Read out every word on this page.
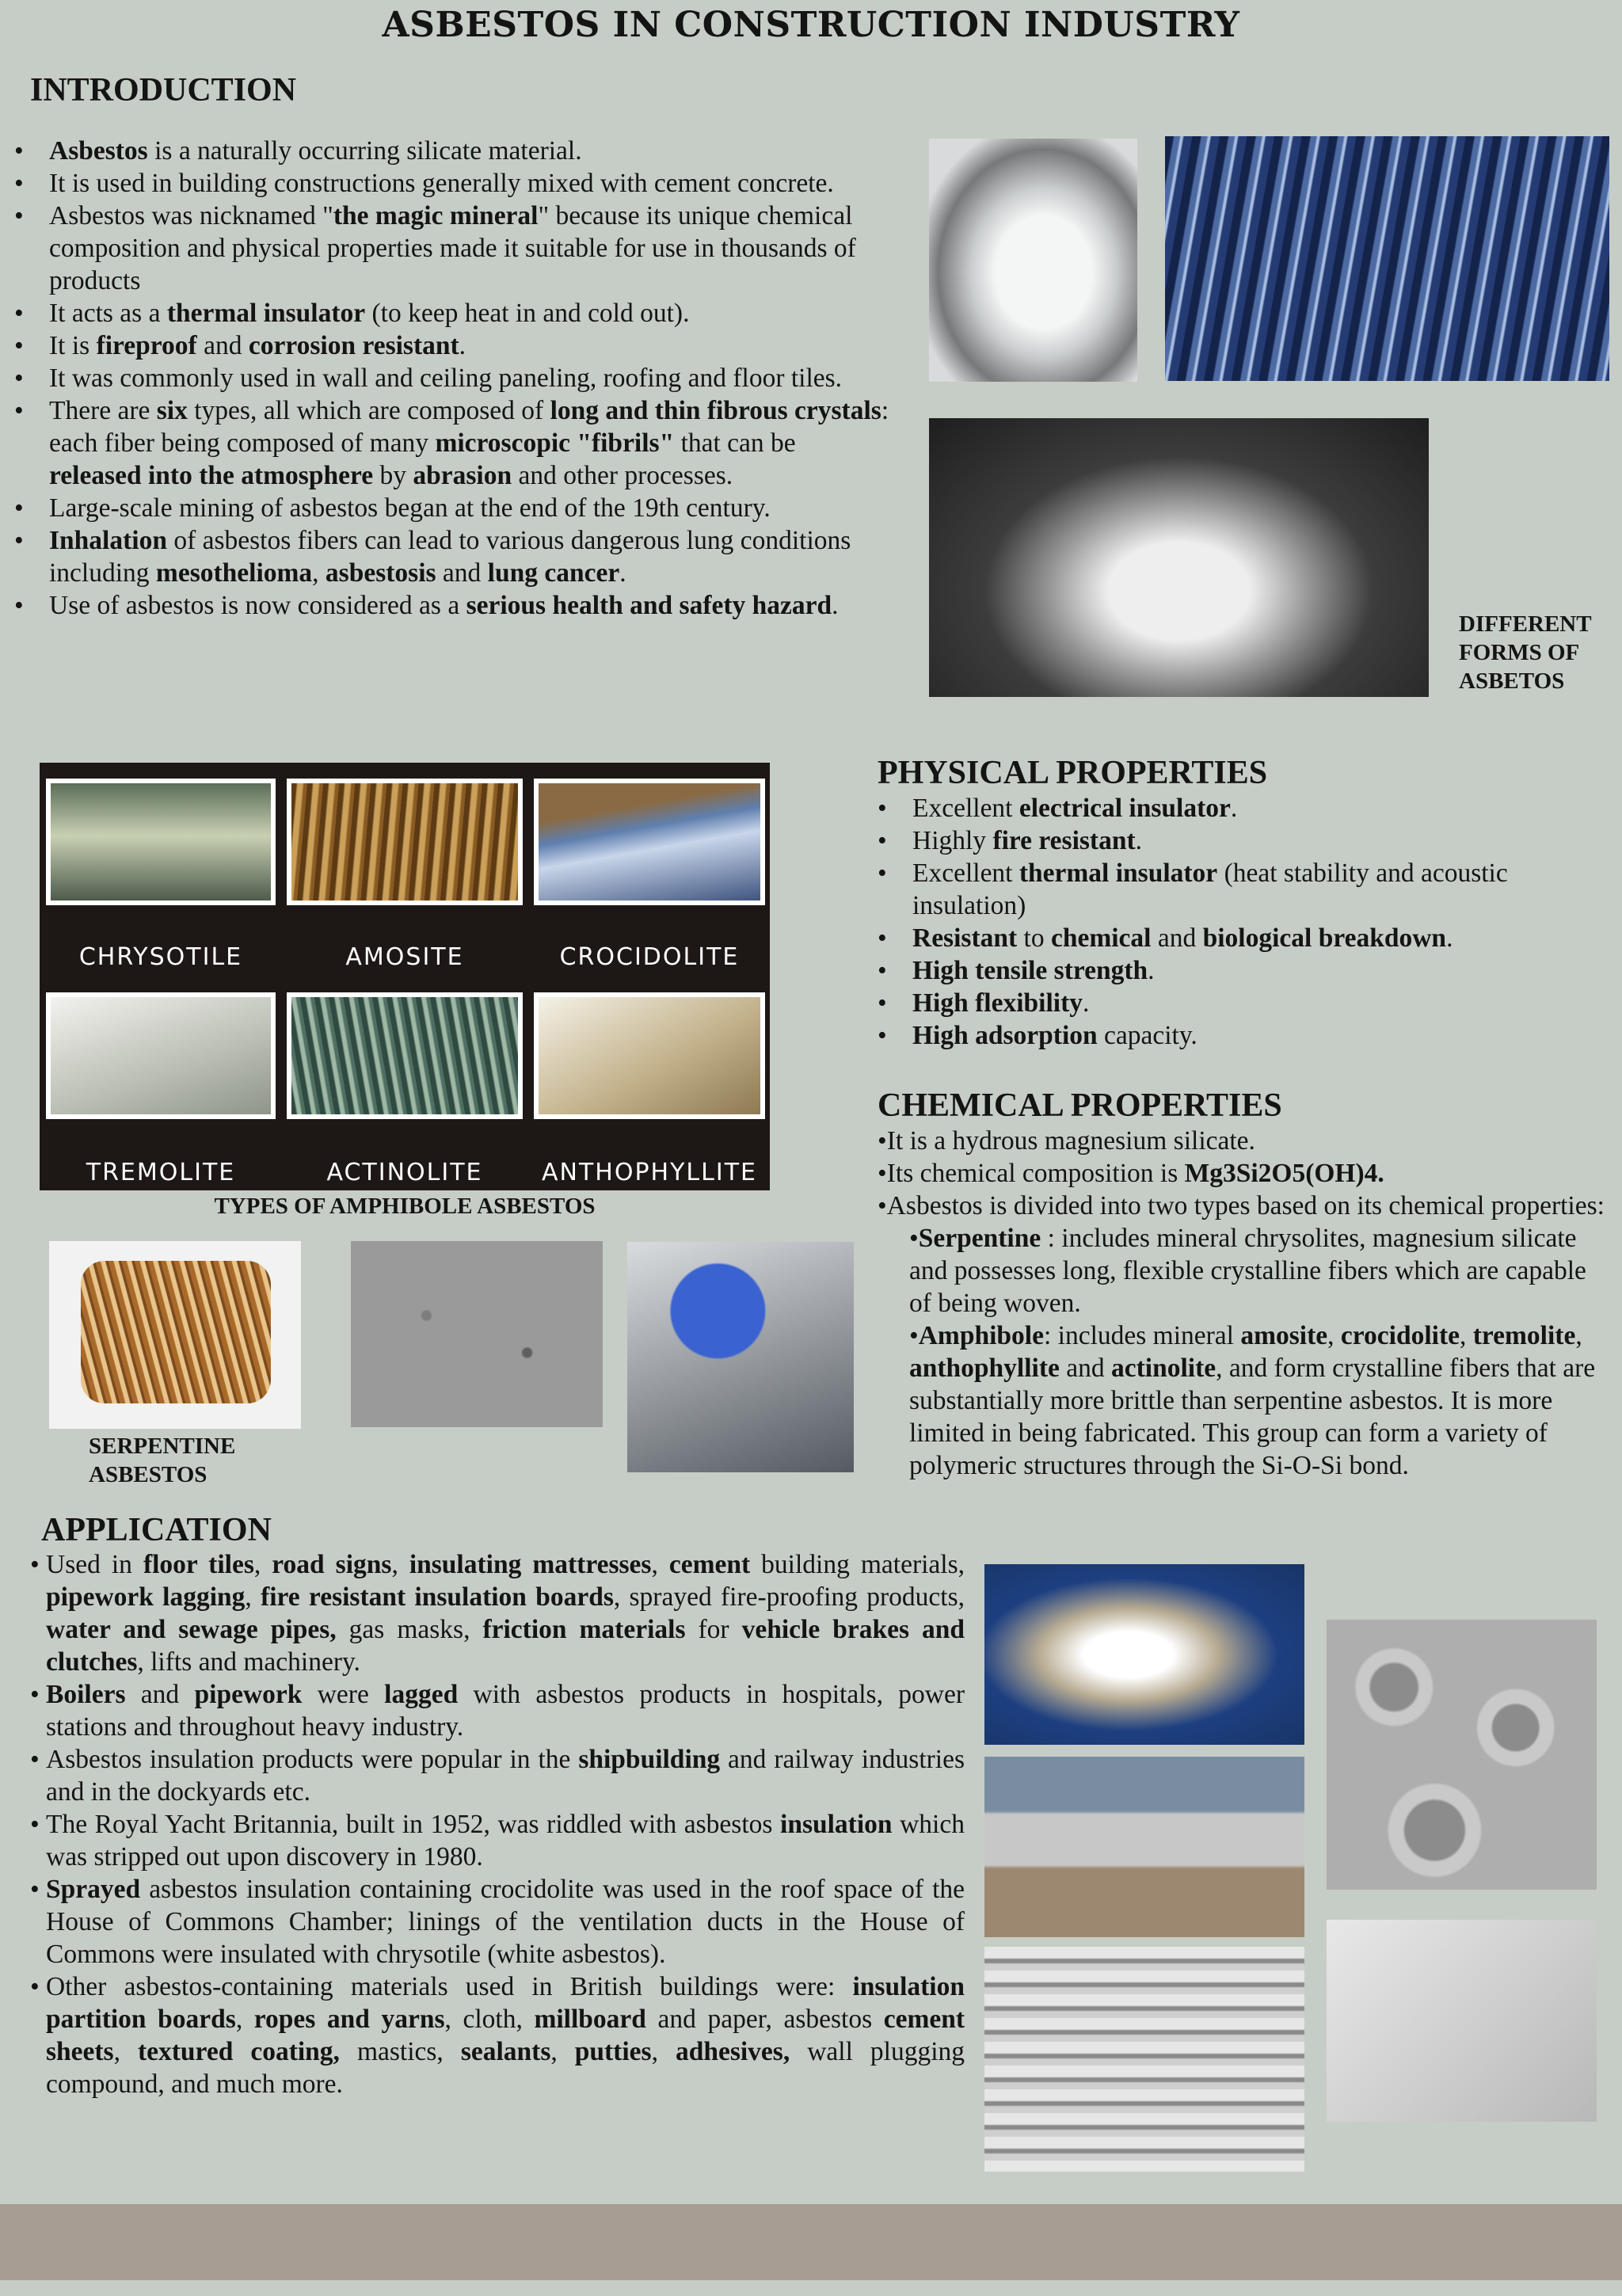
ASBESTOS IN CONSTRUCTION INDUSTRY
INTRODUCTION
• Asbestos is a naturally occurring silicate material.
• It is used in building constructions generally mixed with cement concrete.
• Asbestos was nicknamed "the magic mineral" because its unique chemical composition and physical properties made it suitable for use in thousands of products
• It acts as a thermal insulator (to keep heat in and cold out).
• It is fireproof and corrosion resistant.
• It was commonly used in wall and ceiling paneling, roofing and floor tiles.
• There are six types, all which are composed of long and thin fibrous crystals: each fiber being composed of many microscopic "fibrils" that can be released into the atmosphere by abrasion and other processes.
• Large-scale mining of asbestos began at the end of the 19th century.
• Inhalation of asbestos fibers can lead to various dangerous lung conditions including mesothelioma, asbestosis and lung cancer.
• Use of asbestos is now considered as a serious health and safety hazard.
DIFFERENT FORMS OF ASBETOS
CHRYSOTILE	AMOSITE	CROCIDOLITE
TREMOLITE	ACTINOLITE	ANTHOPHYLLITE
TYPES OF AMPHIBOLE ASBESTOS
SERPENTINE ASBESTOS
PHYSICAL PROPERTIES
• Excellent electrical insulator.
• Highly fire resistant.
• Excellent thermal insulator (heat stability and acoustic insulation)
• Resistant to chemical and biological breakdown.
• High tensile strength.
• High flexibility.
• High adsorption capacity.
CHEMICAL PROPERTIES
•It is a hydrous magnesium silicate.
•Its chemical composition is Mg3Si2O5(OH)4.
•Asbestos is divided into two types based on its chemical properties:
•Serpentine : includes mineral chrysolites, magnesium silicate and possesses long, flexible crystalline fibers which are capable of being woven.
•Amphibole: includes mineral amosite, crocidolite, tremolite, anthophyllite and actinolite, and form crystalline fibers that are substantially more brittle than serpentine asbestos. It is more limited in being fabricated. This group can form a variety of polymeric structures through the Si-O-Si bond.
APPLICATION
• Used in floor tiles, road signs, insulating mattresses, cement building materials, pipework lagging, fire resistant insulation boards, sprayed fire-proofing products, water and sewage pipes, gas masks, friction materials for vehicle brakes and clutches, lifts and machinery.
• Boilers and pipework were lagged with asbestos products in hospitals, power stations and throughout heavy industry.
• Asbestos insulation products were popular in the shipbuilding and railway industries and in the dockyards etc.
• The Royal Yacht Britannia, built in 1952, was riddled with asbestos insulation which was stripped out upon discovery in 1980.
• Sprayed asbestos insulation containing crocidolite was used in the roof space of the House of Commons Chamber; linings of the ventilation ducts in the House of Commons were insulated with chrysotile (white asbestos).
• Other asbestos-containing materials used in British buildings were: insulation partition boards, ropes and yarns, cloth, millboard and paper, asbestos cement sheets, textured coating, mastics, sealants, putties, adhesives, wall plugging compound, and much more.
